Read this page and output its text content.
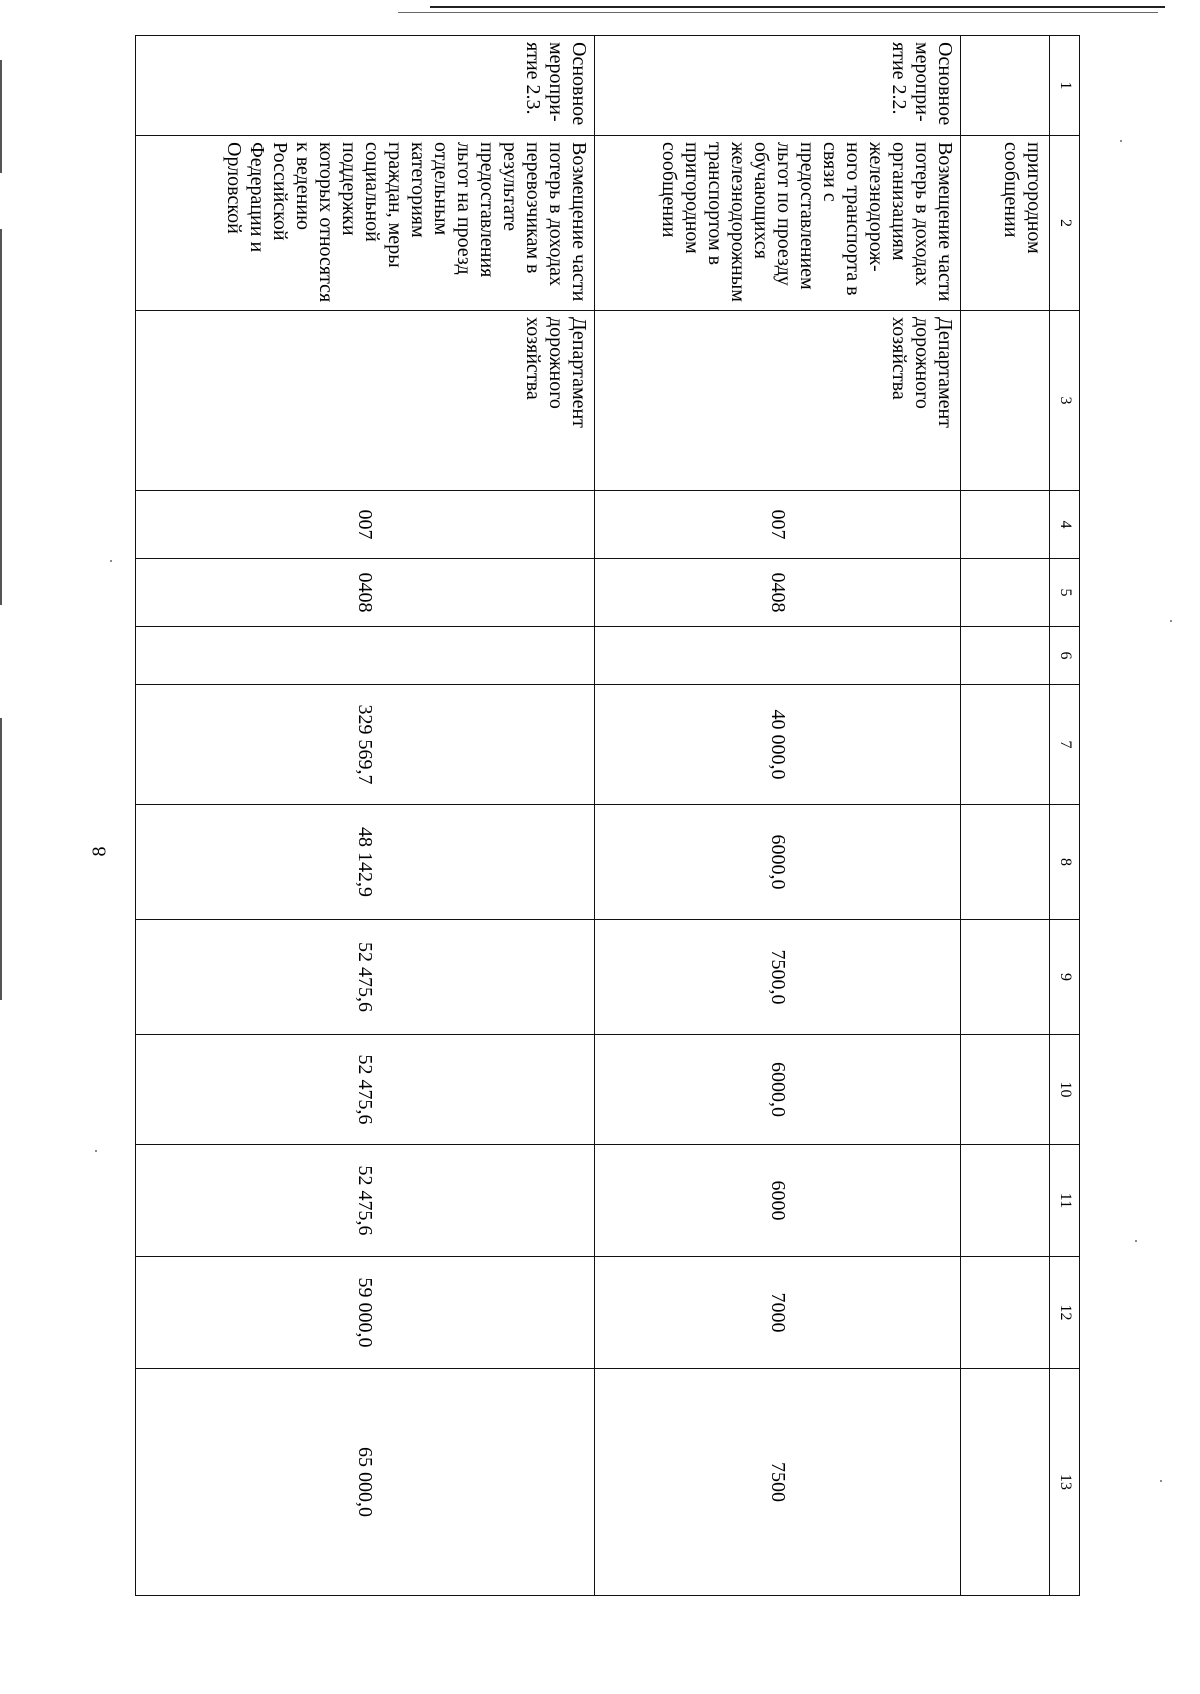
8
1	2	3	4	5	6	7	8	9	10	11	12	13
	пригородном сообщении											
Основное меропри-ятие 2.2.	Возмещение части потерь в доходах организациям железнодорож-ного транспорта в связи с предоставлением льгот по проезду обучающихся железнодорожным транспортом в пригородном сообщении	Департамент дорожного хозяйства	007	0408		40 000,0	6000,0	7500,0	6000,0	6000	7000	7500
Основное меропри-ятие 2.3.	Возмещение части потерь в доходах перевозчикам в результате предоставления льгот на проезд отдельным категориям граждан, меры социальной поддержки которых относятся к ведению Российской Федерации и Орловской	Департамент дорожного хозяйства	007	0408		329 569,7	48 142,9	52 475,6	52 475,6	52 475,6	59 000,0	65 000,0
